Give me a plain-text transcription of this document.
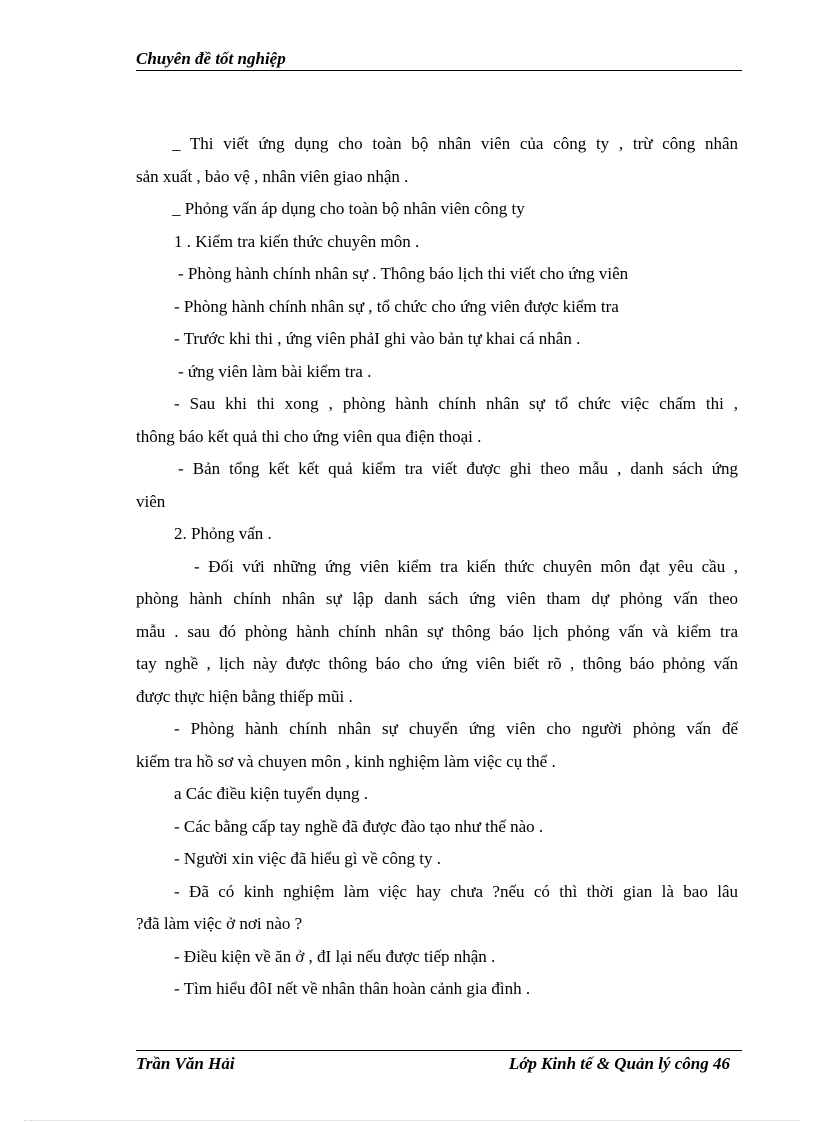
Chuyên đề tốt nghiệp
_ Thi viết ứng dụng cho toàn bộ nhân viên của công ty , trừ công nhân
sản xuất , bảo vệ , nhân viên giao nhận .
_ Phỏng vấn áp dụng cho toàn bộ nhân viên công ty
1 . Kiểm tra kiến thức chuyên môn .
- Phòng hành chính nhân sự . Thông báo lịch thi viết cho ứng viên
- Phòng hành chính nhân sự , tổ chức cho ứng viên được kiểm tra
- Trước khi thi , ứng viên phảI ghi vào bản tự khai cá nhân .
- ứng viên làm bài kiểm tra .
- Sau khi thi xong , phòng hành chính nhân sự tổ chức việc chấm thi ,
thông báo kết quả thi cho ứng viên qua điện thoại .
- Bản tổng kết kết quả kiểm tra viết được ghi theo mẫu , danh sách ứng
viên
2. Phỏng vấn .
- Đối vứi những ứng viên kiểm tra kiến thức chuyên môn đạt yêu cầu ,
phòng hành chính nhân sự lập danh sách ứng viên tham dự phỏng vấn theo
mẫu . sau đó phòng hành chính nhân sự thông báo lịch phỏng vấn và kiểm tra
tay nghề , lịch này được thông báo cho ứng viên biết rõ , thông báo phỏng vấn
được thực hiện bằng thiếp mũi .
- Phòng hành chính nhân sự chuyển ứng viên cho người phỏng vấn để
kiểm tra hồ sơ và chuyen môn , kinh nghiệm làm việc cụ thể .
a Các điều kiện tuyển dụng .
- Các bằng cấp tay nghề đã được đào tạo như thế nào .
- Người xin việc đã hiểu gì về công ty .
- Đã có kinh nghiệm làm việc hay chưa ?nếu có thì thời gian là bao lâu
?đã làm việc ở nơi nào ?
- Điều kiện về ăn ở , đI lại nếu được tiếp nhận .
- Tìm hiểu đôI nết về nhân thân hoàn cảnh gia đình .
Trần Văn Hải	Lớp Kinh tế & Quản lý công 46
